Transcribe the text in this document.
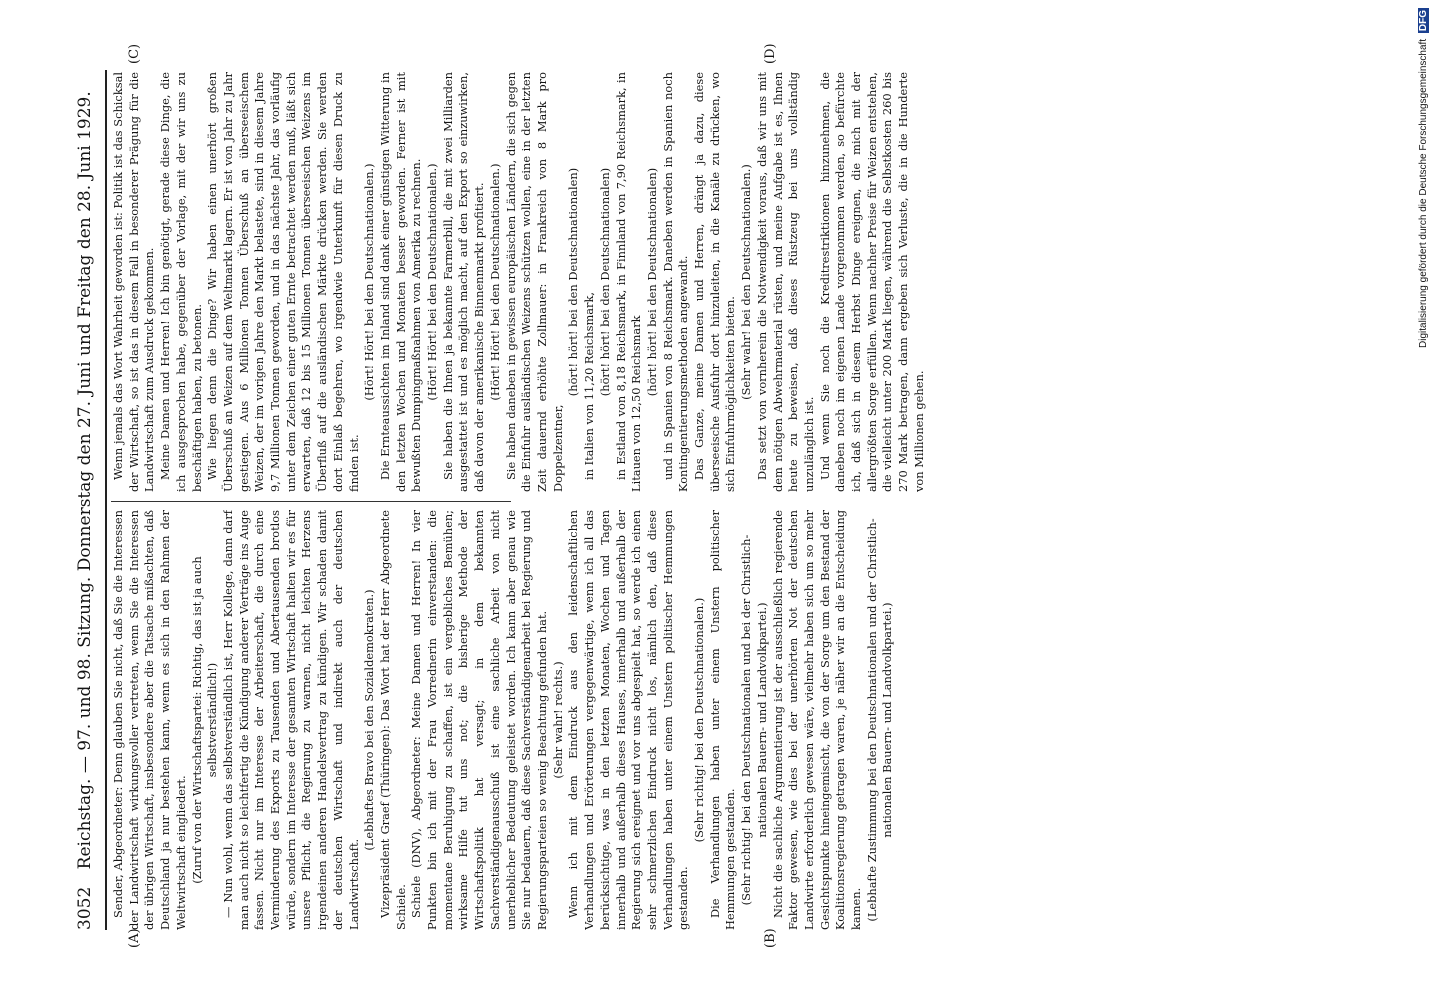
3052 Reichstag. — 97. und 98. Sitzung. Donnerstag den 27. Juni und Freitag den 28. Juni 1929.	Sender, Abgeordneter: Denn glauben Sie nicht, daß Sie die Interessen der Landwirtschaft wirkungsvoller vertreten, wenn Sie die Interessen der übrigen Wirtschaft, insbesondere aber die Tatsache mißachten, daß Deutschland ja nur bestehen kann, wenn es sich in den Rahmen der Weltwirtschaft eingliedert. (Zuruf von der Wirtschaftspartei: Richtig, das ist ja auch selbstverständlich!) — Nun wohl, wenn das selbstverständlich ist, Herr Kollege, dann darf man auch nicht so leichtfertig die Kündigung anderer Verträge ins Auge fassen. Nicht nur im Interesse der Arbeiterschaft, die durch eine Verminderung des Exports zu Tausenden und Abertausenden brotlos würde, sondern im Interesse der gesamten Wirtschaft halten wir es für unsere Pflicht, die Regierung zu warnen, nicht leichten Herzens irgendeinen anderen Handelsvertrag zu kündigen. Wir schaden damit der deutschen Wirtschaft und indirekt auch der deutschen Landwirtschaft.

(Lebhaftes Bravo bei den Sozialdemokraten.) Vizepräsident Graef (Thüringen): Das Wort hat der Herr Abgeordnete Schiele. Schiele (DNV), Abgeordneter: Meine Damen und Herren! In vier Punkten bin ich mit der Frau Vorrednerin einverstanden: die momentane Beruhigung zu schaffen, ist ein vergebliches Bemühen; wirksame Hilfe tut uns not; die bisherige Methode der Wirtschaftspolitik hat versagt; in dem bekannten Sachverständigenausschuß ist eine sachliche Arbeit von nicht unerheblicher Bedeutung geleistet worden. Ich kann aber genau wie Sie nur bedauern, daß diese Sachverständigenarbeit bei Regierung und Regierungsparteien so wenig Beachtung gefunden hat. (Sehr wahr! rechts.) Wenn ich mit dem Eindruck aus den leidenschaftlichen Verhandlungen und Erörterungen vergegenwärtige, wenn ich all das berücksichtige, was in den letzten Monaten, Wochen und Tagen innerhalb und außerhalb dieses Hauses, innerhalb und außerhalb der Regierung sich ereignet und vor uns abgespielt hat, so werde ich einen sehr schmerzlichen Eindruck nicht los, nämlich den, daß diese Verhandlungen haben unter einem Unstern politischer Hemmungen gestanden.

(Sehr richtig! bei den Deutschnationalen.) Die Verhandlungen haben unter einem Unstern politischer Hemmungen gestanden. (Sehr richtig! bei den Deutschnationalen und bei der Christlich-nationalen Bauern- und Landvolkpartei.) Nicht die sachliche Argumentierung ist der ausschließlich regierende Faktor gewesen, wie dies bei der unerhörten Not der deutschen Landwirte erforderlich gewesen wäre, vielmehr haben sich um so mehr Gesichtspunkte hineingemischt, die von der Sorge um den Bestand der Koalitionsregierung getragen waren, je näher wir an die Entscheidung kamen. (Lebhafte Zustimmung bei den Deutschnationalen und der Christlich-nationalen Bauern- und Landvolkpartei.)

Wenn jemals das Wort Wahrheit geworden ist: Politik ist das Schicksal der Wirtschaft, so ist das in diesem Fall in besonderer Prägung für die Landwirtschaft zum Ausdruck gekommen. Meine Damen und Herren! Ich bin genötigt, gerade diese Dinge, die ich ausgesprochen habe, gegenüber der Vorlage, mit der wir uns zu beschäftigen haben, zu betonen. Wie liegen denn die Dinge? Wir haben einen unerhört großen Überschuß an Weizen auf dem Weltmarkt lagern. Er ist von Jahr zu Jahr gestiegen. Aus 6 Millionen Tonnen Überschuß an überseeischem Weizen, der im vorigen Jahre den Markt belastete, sind in diesem Jahre 9,7 Millionen Tonnen geworden, und in das nächste Jahr, das vorläufig unter dem Zeichen einer guten Ernte betrachtet werden muß, läßt sich erwarten, daß 12 bis 15 Millionen Tonnen überseeischen Weizens im Überfluß auf die ausländischen Märkte drücken werden. Sie werden dort Einlaß begehren, wo irgendwie Unterkunft für diesen Druck zu finden ist.

(Hört! Hört! bei den Deutschnationalen.) Die Ernteaussichten im Inland sind dank einer günstigen Witterung in den letzten Wochen und Monaten besser geworden. Ferner ist mit bewußten Dumpingmaßnahmen von Amerika zu rechnen. (Hört! Hört! bei den Deutschnationalen.) Sie haben die Ihnen ja bekannte Farmerbill, die mit zwei Milliarden ausgestattet ist und es möglich macht, auf den Export so einzuwirken, daß davon der amerikanische Binnenmarkt profitiert. (Hört! Hört! bei den Deutschnationalen.) Sie haben daneben in gewissen europäischen Ländern, die sich gegen die Einfuhr ausländischen Weizens schützen wollen, eine in der letzten Zeit dauernd erhöhte Zollmauer: in Frankreich von 8 Mark pro Doppelzentner,

(hört! hört! bei den Deutschnationalen) in Italien von 11,20 Reichsmark, (hört! hört! bei den Deutschnationalen) in Estland von 8,18 Reichsmark, in Finnland von 7,90 Reichsmark, in Litauen von 12,50 Reichsmark

(hört! hört! bei den Deutschnationalen) und in Spanien von 8 Reichsmark. Daneben werden in Spanien noch Kontingentierungsmethoden angewandt. Das Ganze, meine Damen und Herren, drängt ja dazu, diese überseeische Ausfuhr dort hinzuleiten, in die Kanäle zu drücken, wo sich Einfuhrmöglichkeiten bieten. (Sehr wahr! bei den Deutschnationalen.) Das setzt von vornherein die Notwendigkeit voraus, daß wir uns mit dem nötigen Abwehrmaterial rüsten, und meine Aufgabe ist es, Ihnen heute zu beweisen, daß dieses Rüstzeug bei uns vollständig unzulänglich ist. Und wenn Sie noch die Kreditrestriktionen hinzunehmen, die daneben noch im eigenen Lande vorgenommen werden, so befürchte ich, daß sich in diesem Herbst Dinge ereignen, die mich mit der allergrößten Sorge erfüllen. Wenn nachher Preise für Weizen entstehen, die vielleicht unter 200 Mark liegen, während die Selbstkosten 260 bis 270 Mark betragen, dann ergeben sich Verluste, die in die Hunderte von Millionen gehen.

(A)	(B)
(C)	(D)	Digitalisierung gefördert durch die Deutsche Forschungsgemeinschaft DFG
